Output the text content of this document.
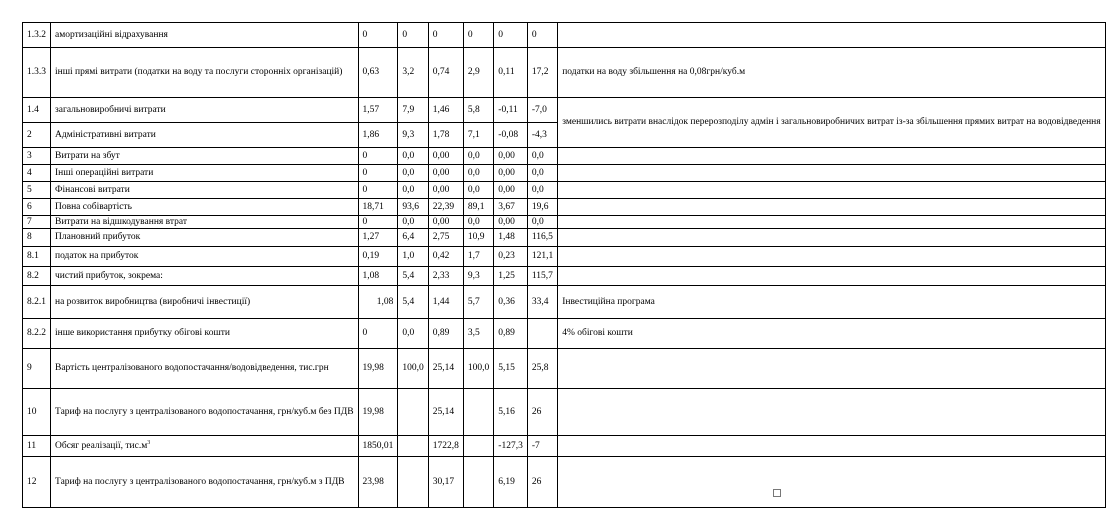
1.3.2	амортизаційні відрахування	0	0	0	0	0	0	
1.3.3	інші прямі витрати (податки на воду та послуги сторонніх організацій)	0,63	3,2	0,74	2,9	0,11	17,2	податки на воду збільшення на 0,08грн/куб.м
1.4	загальновиробничі витрати	1,57	7,9	1,46	5,8	-0,11	-7,0	зменшились витрати внаслідок перерозподілу адмін і загальновиробничих витрат із-за збільшення прямих витрат на водовідведення
2	Адміністративні витрати	1,86	9,3	1,78	7,1	-0,08	-4,3	
3	Витрати на збут	0	0,0	0,00	0,0	0,00	0,0	
4	Інші операційні витрати	0	0,0	0,00	0,0	0,00	0,0	
5	Фінансові витрати	0	0,0	0,00	0,0	0,00	0,0	
6	Повна собівартість	18,71	93,6	22,39	89,1	3,67	19,6	
7	Витрати на відшкодування втрат	0	0,0	0,00	0,0	0,00	0,0	
8	Плановний прибуток	1,27	6,4	2,75	10,9	1,48	116,5	
8.1	податок на прибуток	0,19	1,0	0,42	1,7	0,23	121,1	
8.2	чистий прибуток, зокрема:	1,08	5,4	2,33	9,3	1,25	115,7	
8.2.1	на розвиток виробництва (виробничі інвестиції)	1,08	5,4	1,44	5,7	0,36	33,4	Інвестиційна програма
8.2.2	інше використання прибутку обігові кошти	0	0,0	0,89	3,5	0,89		4% обігові кошти
9	Вартість централізованого водопостачання/водовідведення, тис.грн	19,98	100,0	25,14	100,0	5,15	25,8	
10	Тариф на послугу з централізованого водопостачання, грн/куб.м без ПДВ	19,98		25,14		5,16	26	
11	Обсяг реалізації, $тис.м^3$	1850,01		1722,8		-127,3	-7	
12	Тариф на послугу з централізованого водопостачання, грн/куб.м з ПДВ	23,98		30,17		6,19	26	
